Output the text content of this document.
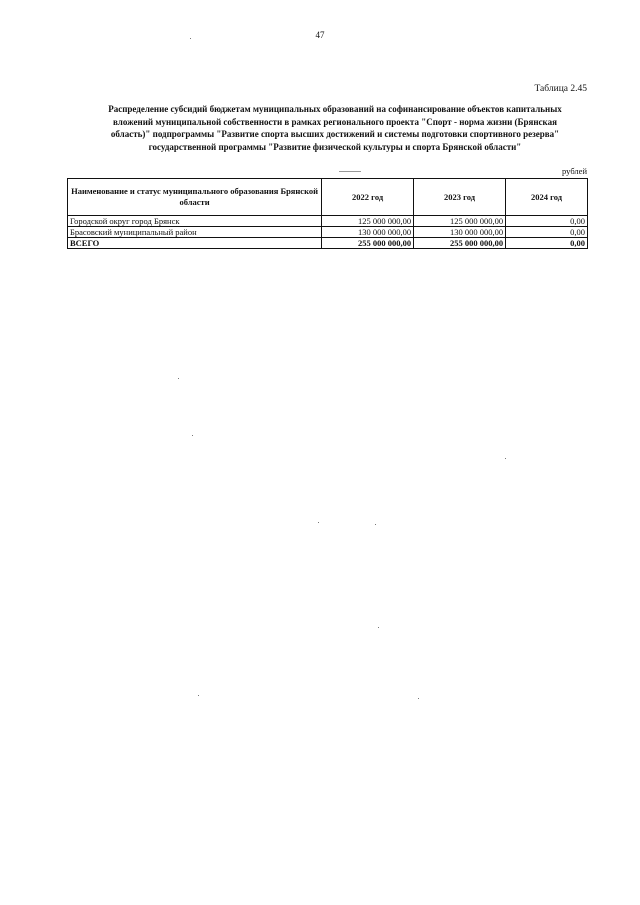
47
Таблица 2.45
Распределение субсидий бюджетам муниципальных образований на софинансирование объектов капитальных
вложений муниципальной собственности в рамках регионального проекта "Спорт - норма жизни (Брянская
область)" подпрограммы "Развитие спорта высших достижений и системы подготовки спортивного резерва"
государственной программы "Развитие физической культуры и спорта Брянской области"
рублей
Наименование и статус муниципального образования Брянской области	2022 год	2023 год	2024 год
Городской округ город Брянск	125 000 000,00	125 000 000,00	0,00
Брасовский муниципальный район	130 000 000,00	130 000 000,00	0,00
ВСЕГО	255 000 000,00	255 000 000,00	0,00
